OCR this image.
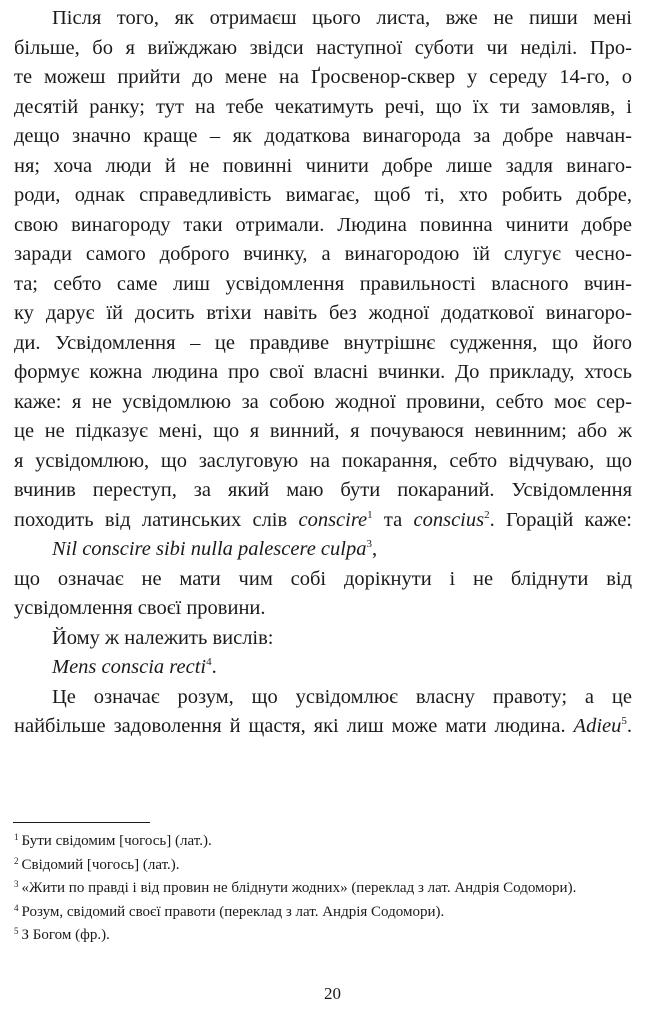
Після того, як отримаєш цього листа, вже не пиши мені
більше, бо я виїжджаю звідси наступної суботи чи неділі. Про-
те можеш прийти до мене на Ґросвенор-сквер у середу 14-го, о
десятій ранку; тут на тебе чекатимуть речі, що їх ти замовляв, і
дещо значно краще – як додаткова винагорода за добре навчан-
ня; хоча люди й не повинні чинити добре лише задля винаго-
роди, однак справедливість вимагає, щоб ті, хто робить добре,
свою винагороду таки отримали. Людина повинна чинити добре
заради самого доброго вчинку, а винагородою їй слугує чесно-
та; себто саме лиш усвідомлення правильності власного вчин-
ку дарує їй досить втіхи навіть без жодної додаткової винагоро-
ди. Усвідомлення – це правдиве внутрішнє судження, що його
формує кожна людина про свої власні вчинки. До прикладу, хтось
каже: я не усвідомлюю за собою жодної провини, себто моє сер-
це не підказує мені, що я винний, я почуваюся невинним; або ж
я усвідомлюю, що заслуговую на покарання, себто відчуваю, що
вчинив переступ, за який маю бути покараний. Усвідомлення
походить від латинських слів conscire$^1$ та conscius$^2$. Горацій каже:
Nil conscire sibi nulla palescere culpa$^3$,
що означає не мати чим собі дорікнути і не бліднути від
усвідомлення своєї провини.
Йому ж належить вислів:
Mens conscia recti$^4$.
Це означає розум, що усвідомлює власну правоту; а це
найбільше задоволення й щастя, які лиш може мати людина. Adieu$^5$.
$^1$ Бути свідомим [чогось] (лат.).
$^2$ Свідомий [чогось] (лат.).
$^3$ «Жити по правді і від провин не бліднути жодних» (переклад з лат. Андрія Содомори).
$^4$ Розум, свідомий своєї правоти (переклад з лат. Андрія Содомори).
$^5$ З Богом (фр.).
20
